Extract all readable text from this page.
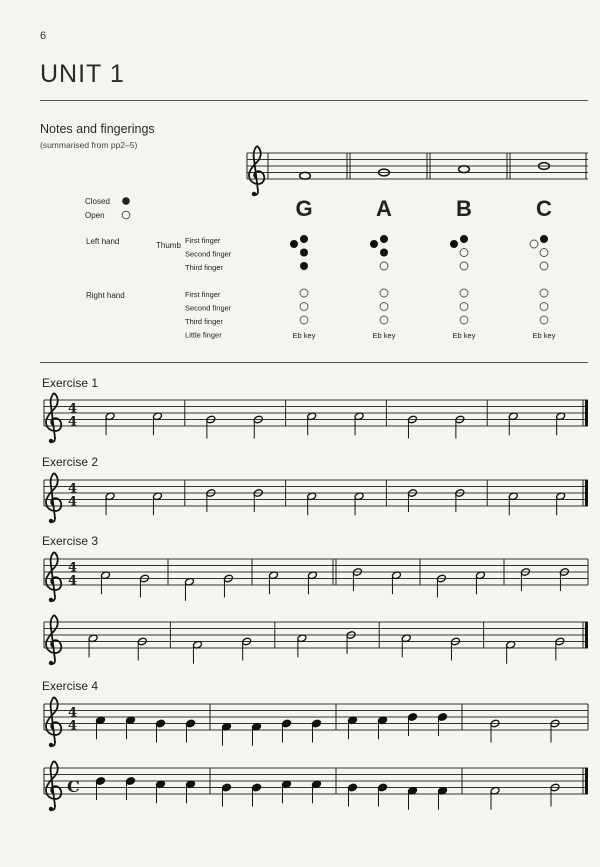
6
UNIT 1
Notes and fingerings
(summarised from pp2–5)
Exercise 1
Exercise 2
Exercise 3
Exercise 4
4
4
4
4
4
4
4
4
C
G	A	B	C
Closed
Open
Left hand	Thumb
First finger
Second finger
Third finger
Right hand	First finger
Second finger
Third finger
Little finger	Eb key	Eb key	Eb key	Eb key
